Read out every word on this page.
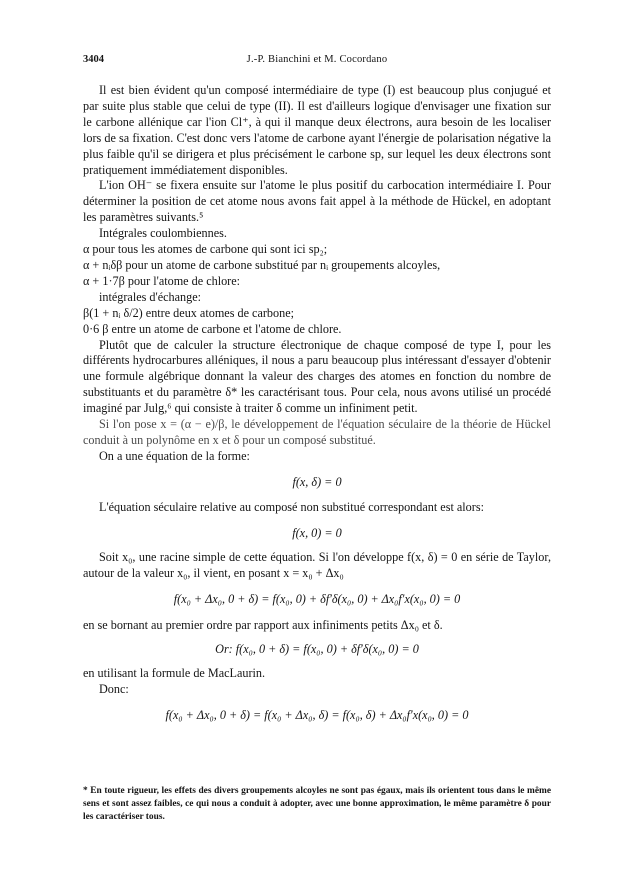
3404	J.-P. Bianchini et M. Cocordano

Il est bien évident qu'un composé intermédiaire de type (I) est beaucoup plus conjugué et par suite plus stable que celui de type (II). Il est d'ailleurs logique d'envisager une fixation sur le carbone allénique car l'ion Cl⁺, à qui il manque deux électrons, aura besoin de les localiser lors de sa fixation. C'est donc vers l'atome de carbone ayant l'énergie de polarisation négative la plus faible qu'il se dirigera et plus précisément le carbone sp, sur lequel les deux électrons sont pratiquement immédiatement disponibles.

L'ion OH⁻ se fixera ensuite sur l'atome le plus positif du carbocation intermédiaire I. Pour déterminer la position de cet atome nous avons fait appel à la méthode de Hückel, en adoptant les paramètres suivants.⁵

Intégrales coulombiennes.

α pour tous les atomes de carbone qui sont ici sp₂;

α + nᵢδβ pour un atome de carbone substitué par nᵢ groupements alcoyles,

α + 1·7β pour l'atome de chlore:

intégrales d'échange:

β(1 + nᵢ δ/2) entre deux atomes de carbone;

0·6 β entre un atome de carbone et l'atome de chlore.

Plutôt que de calculer la structure électronique de chaque composé de type I, pour les différents hydrocarbures alléniques, il nous a paru beaucoup plus intéressant d'essayer d'obtenir une formule algébrique donnant la valeur des charges des atomes en fonction du nombre de substituants et du paramètre δ* les caractérisant tous. Pour cela, nous avons utilisé un procédé imaginé par Julg,⁶ qui consiste à traiter δ comme un infiniment petit.

Si l'on pose x = (α − e)/β, le développement de l'équation séculaire de la théorie de Hückel conduit à un polynôme en x et δ pour un composé substitué.

On a une équation de la forme:

f(x, δ) = 0

L'équation séculaire relative au composé non substitué correspondant est alors:

f(x, 0) = 0

Soit x₀, une racine simple de cette équation. Si l'on développe f(x, δ) = 0 en série de Taylor, autour de la valeur x₀, il vient, en posant x = x₀ + Δx₀

f(x₀ + Δx₀, 0 + δ) = f(x₀, 0) + δf′δ(x₀, 0) + Δx₀f′x(x₀, 0) = 0

en se bornant au premier ordre par rapport aux infiniments petits Δx₀ et δ.

Or: f(x₀, 0 + δ) = f(x₀, 0) + δf′δ(x₀, 0) = 0

en utilisant la formule de MacLaurin.

Donc:

f(x₀ + Δx₀, 0 + δ) = f(x₀ + Δx₀, δ) = f(x₀, δ) + Δx₀f′x(x₀, 0) = 0
* En toute rigueur, les effets des divers groupements alcoyles ne sont pas égaux, mais ils orientent tous dans le même sens et sont assez faibles, ce qui nous a conduit à adopter, avec une bonne approximation, le même paramètre δ pour les caractériser tous.
